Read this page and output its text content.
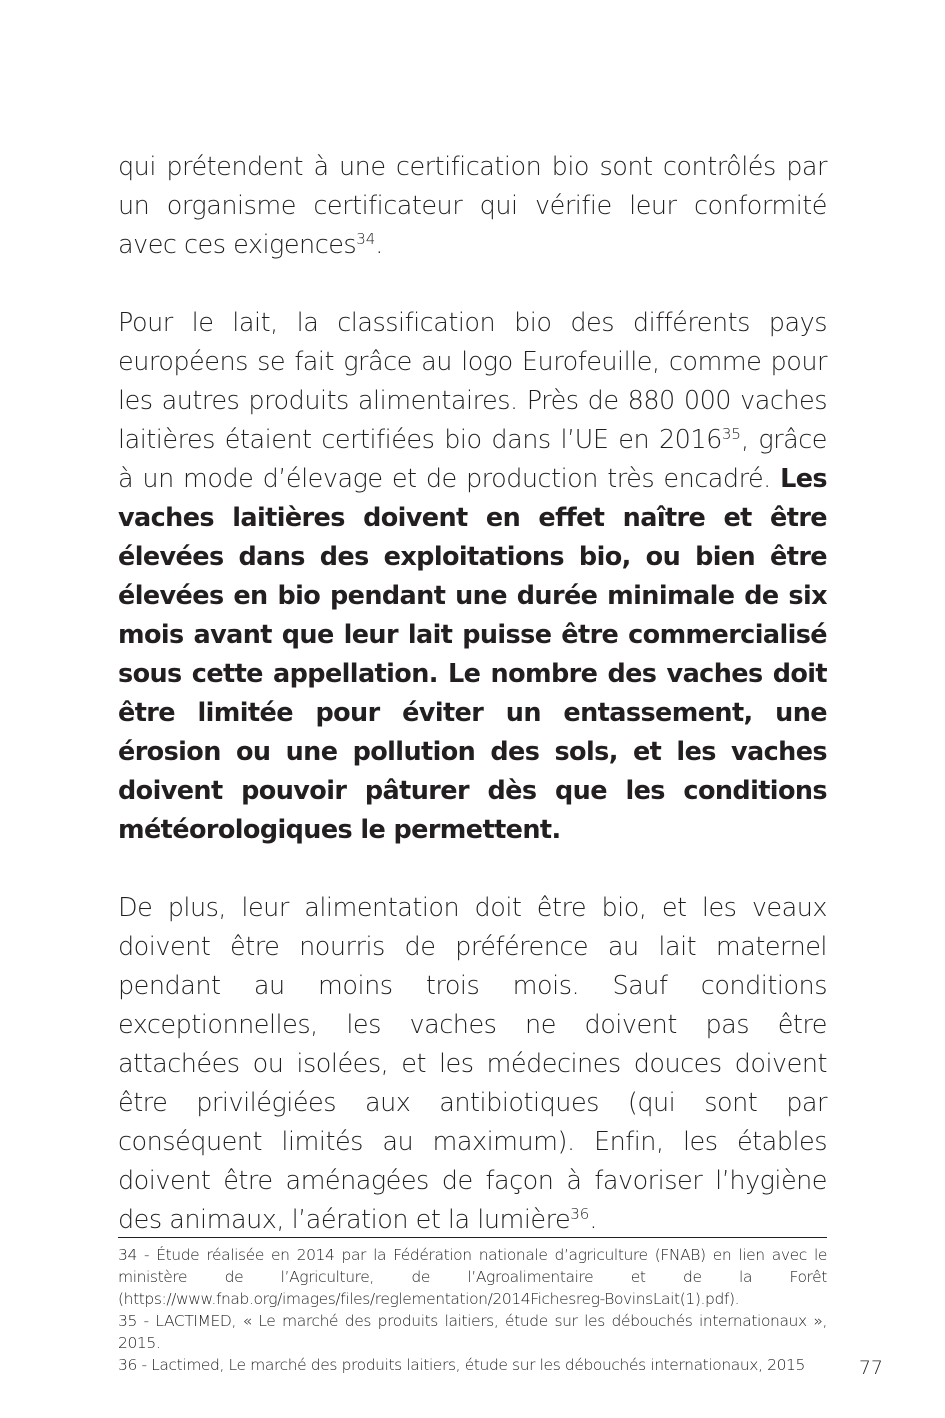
qui prétendent à une certification bio sont contrôlés par un organisme certificateur qui vérifie leur conformité avec ces exigences$^{34}$.

Pour le lait, la classification bio des différents pays européens se fait grâce au logo Eurofeuille, comme pour les autres produits alimentaires. Près de 880 000 vaches laitières étaient certifiées bio dans l’UE en 2016$^{35}$, grâce à un mode d’élevage et de production très encadré. Les vaches laitières doivent en effet naître et être élevées dans des exploitations bio, ou bien être élevées en bio pendant une durée minimale de six mois avant que leur lait puisse être commercialisé sous cette appellation. Le nombre des vaches doit être limitée pour éviter un entassement, une érosion ou une pollution des sols, et les vaches doivent pouvoir pâturer dès que les conditions météorologiques le permettent.

De plus, leur alimentation doit être bio, et les veaux doivent être nourris de préférence au lait maternel pendant au moins trois mois. Sauf conditions exceptionnelles, les vaches ne doivent pas être attachées ou isolées, et les médecines douces doivent être privilégiées aux antibiotiques (qui sont par conséquent limités au maximum). Enfin, les étables doivent être aménagées de façon à favoriser l’hygiène des animaux, l’aération et la lumière$^{36}$.

34 - Étude réalisée en 2014 par la Fédération nationale d’agriculture (FNAB) en lien avec le ministère de l’Agriculture, de l’Agroalimentaire et de la Forêt (https://www.fnab.org/images/files/reglementation/2014Fichesreg-BovinsLait(1).pdf).

35 - LACTIMED, « Le marché des produits laitiers, étude sur les débouchés internationaux », 2015.

36 - Lactimed, Le marché des produits laitiers, étude sur les débouchés internationaux, 2015	77
